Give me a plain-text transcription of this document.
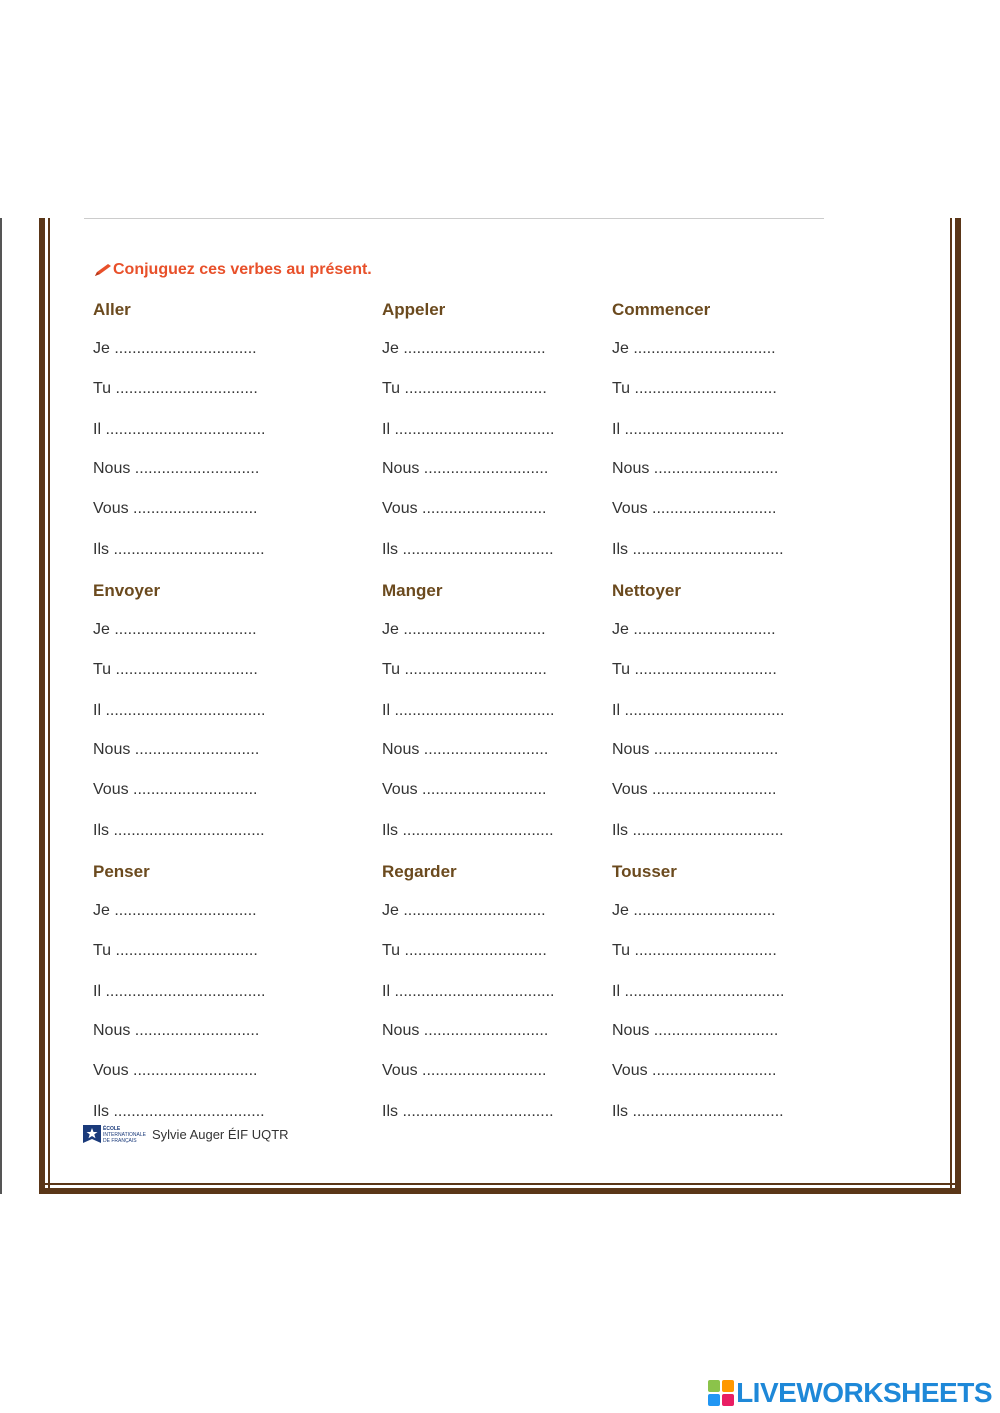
Conjuguez ces verbes au présent.
Aller
Je ................................
Tu ................................
Il ....................................
Nous ............................
Vous ............................
Ils ..................................
Appeler
Je ................................
Tu ................................
Il ....................................
Nous ............................
Vous ............................
Ils ..................................
Commencer
Je ................................
Tu ................................
Il ....................................
Nous ............................
Vous ............................
Ils ..................................
Envoyer
Je ................................
Tu ................................
Il ....................................
Nous ............................
Vous ............................
Ils ..................................
Manger
Je ................................
Tu ................................
Il ....................................
Nous ............................
Vous ............................
Ils ..................................
Nettoyer
Je ................................
Tu ................................
Il ....................................
Nous ............................
Vous ............................
Ils ..................................
Penser
Je ................................
Tu ................................
Il ....................................
Nous ............................
Vous ............................
Ils ..................................
Regarder
Je ................................
Tu ................................
Il ....................................
Nous ............................
Vous ............................
Ils ..................................
Tousser
Je ................................
Tu ................................
Il ....................................
Nous ............................
Vous ............................
Ils ..................................
ÉCOLE
INTERNATIONALE
DE FRANÇAIS Sylvie Auger ÉIF UQTR
LIVEWORKSHEETS
